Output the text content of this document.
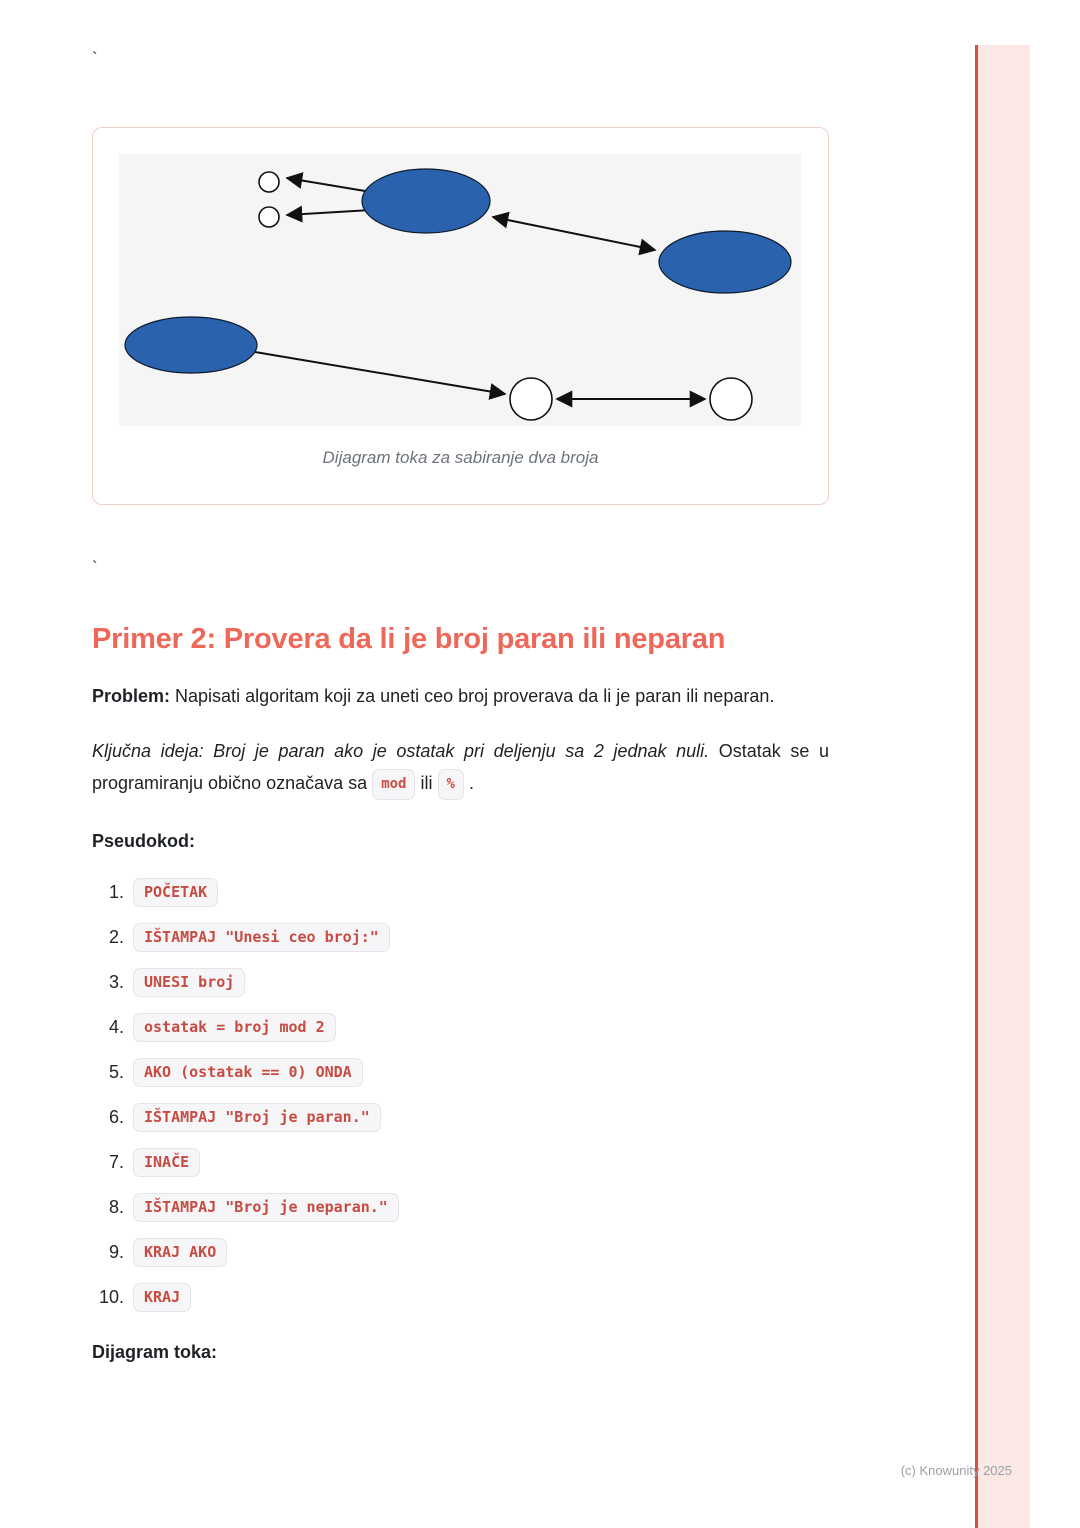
(c) Knowunity 2025
`
Dijagram toka za sabiranje dva broja
`
Primer 2: Provera da li je broj paran ili neparan

Problem: Napisati algoritam koji za uneti ceo broj proverava da li je paran ili neparan.

Ključna ideja: Broj je paran ako je ostatak pri deljenju sa 2 jednak nuli. Ostatak se u programiranju obično označava sa mod ili % .

Pseudokod:
1.	POČETAK
2.	IŠTAMPAJ "Unesi ceo broj:"
3.	UNESI broj
4.	ostatak = broj mod 2
5.	AKO (ostatak == 0) ONDA
6.	IŠTAMPAJ "Broj je paran."
7.	INAČE
8.	IŠTAMPAJ "Broj je neparan."
9.	KRAJ AKO
10.	KRAJ
Dijagram toka:
